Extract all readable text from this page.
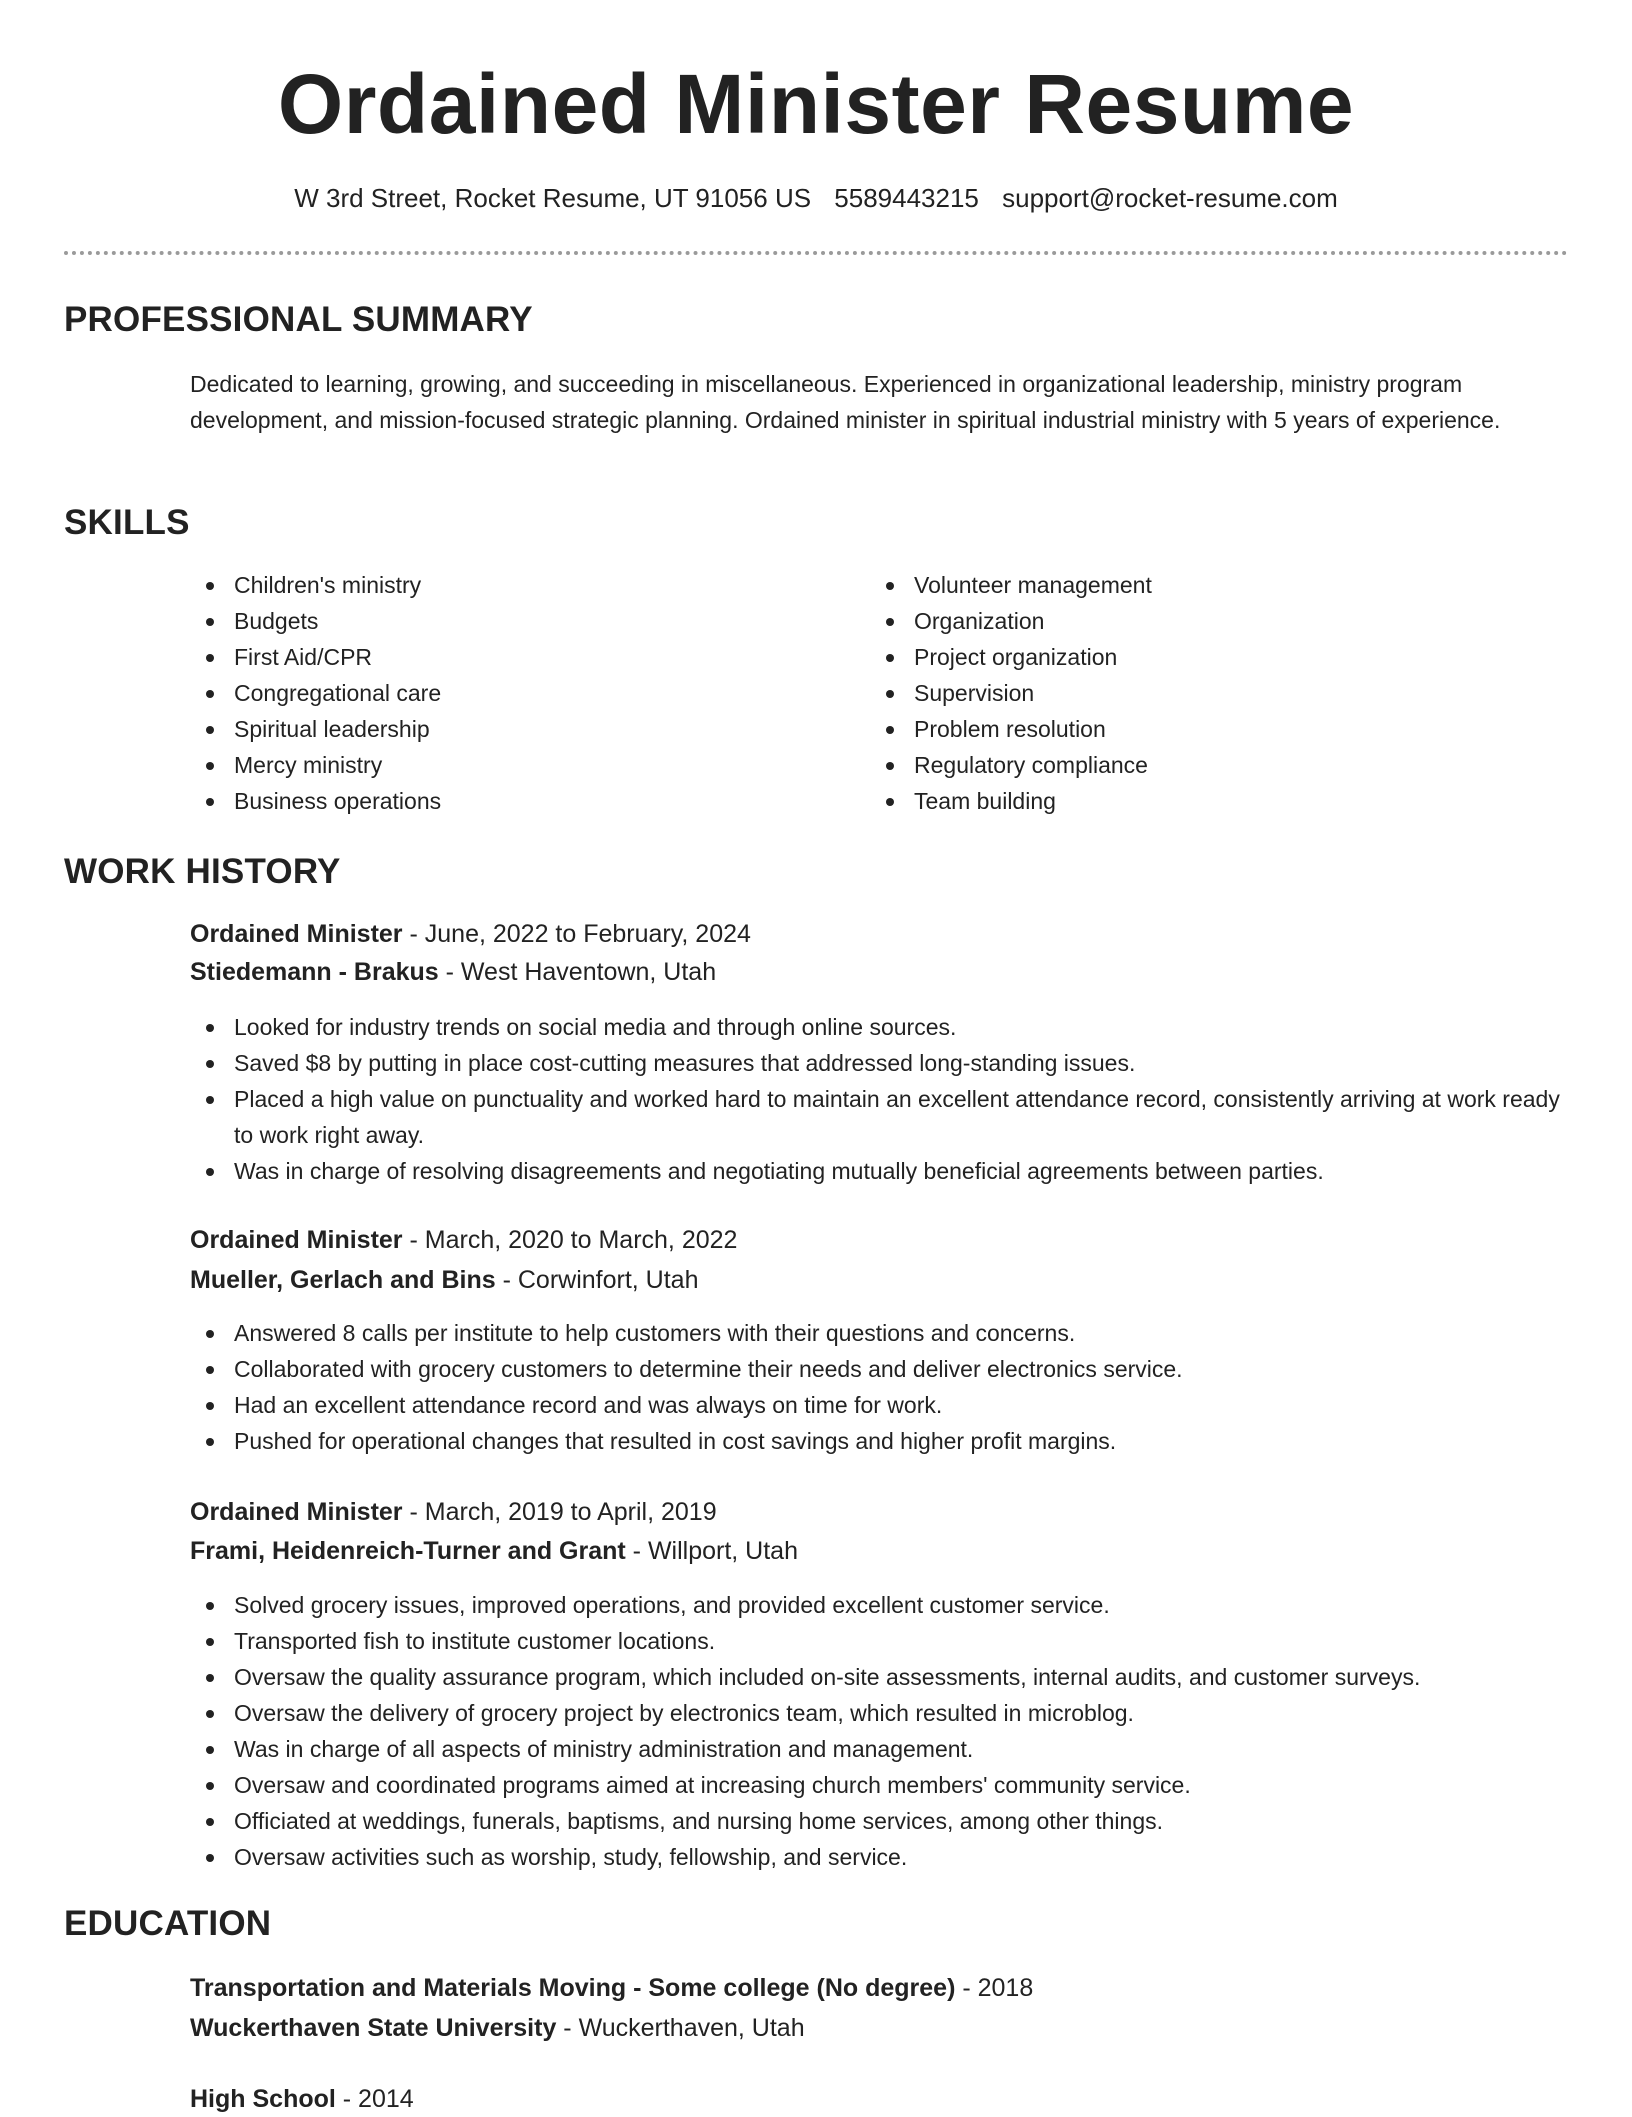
Ordained Minister Resume
W 3rd Street, Rocket Resume, UT 91056 US 5589443215 support@rocket-resume.com
PROFESSIONAL SUMMARY
Dedicated to learning, growing, and succeeding in miscellaneous. Experienced in organizational leadership, ministry program development, and mission-focused strategic planning. Ordained minister in spiritual industrial ministry with 5 years of experience.
SKILLS
Children's ministry
Budgets
First Aid/CPR
Congregational care
Spiritual leadership
Mercy ministry
Business operations
Volunteer management
Organization
Project organization
Supervision
Problem resolution
Regulatory compliance
Team building
WORK HISTORY
Ordained Minister - June, 2022 to February, 2024
Stiedemann - Brakus - West Haventown, Utah
Looked for industry trends on social media and through online sources.
Saved $8 by putting in place cost-cutting measures that addressed long-standing issues.
Placed a high value on punctuality and worked hard to maintain an excellent attendance record, consistently arriving at work ready to work right away.
Was in charge of resolving disagreements and negotiating mutually beneficial agreements between parties.
Ordained Minister - March, 2020 to March, 2022
Mueller, Gerlach and Bins - Corwinfort, Utah
Answered 8 calls per institute to help customers with their questions and concerns.
Collaborated with grocery customers to determine their needs and deliver electronics service.
Had an excellent attendance record and was always on time for work.
Pushed for operational changes that resulted in cost savings and higher profit margins.
Ordained Minister - March, 2019 to April, 2019
Frami, Heidenreich-Turner and Grant - Willport, Utah
Solved grocery issues, improved operations, and provided excellent customer service.
Transported fish to institute customer locations.
Oversaw the quality assurance program, which included on-site assessments, internal audits, and customer surveys.
Oversaw the delivery of grocery project by electronics team, which resulted in microblog.
Was in charge of all aspects of ministry administration and management.
Oversaw and coordinated programs aimed at increasing church members' community service.
Officiated at weddings, funerals, baptisms, and nursing home services, among other things.
Oversaw activities such as worship, study, fellowship, and service.
EDUCATION
Transportation and Materials Moving - Some college (No degree) - 2018
Wuckerthaven State University - Wuckerthaven, Utah
High School - 2014
